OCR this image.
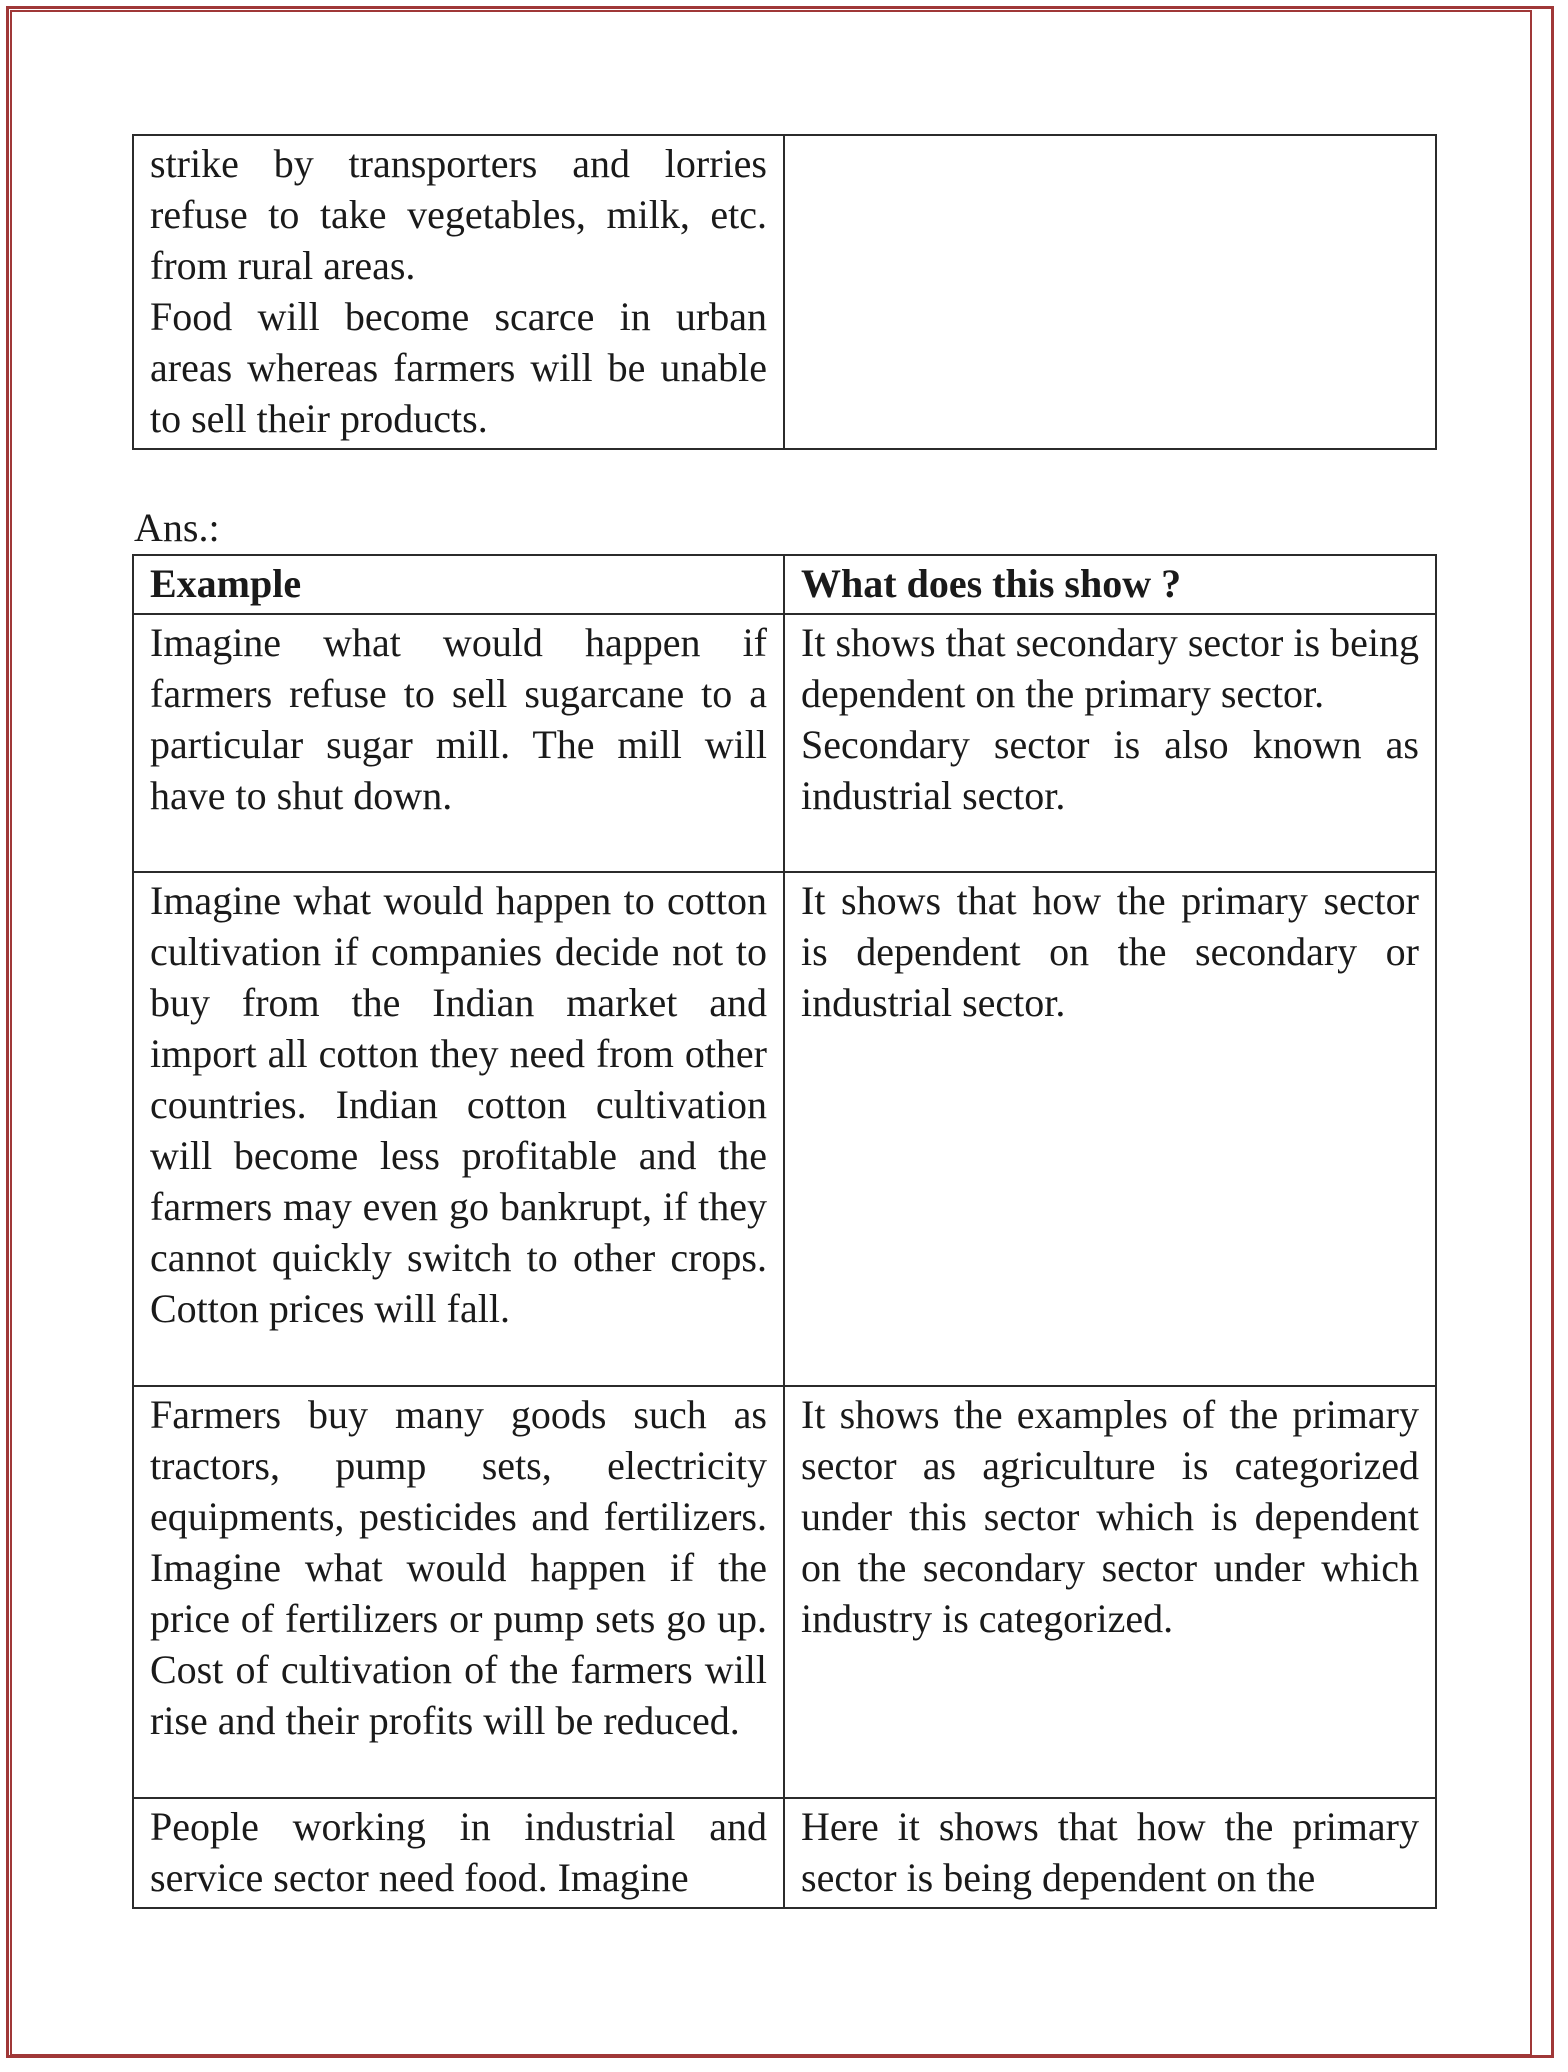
strike by transporters and lorries refuse to take vegetables, milk, etc. from rural areas.

Food will become scarce in urban areas whereas farmers will be unable to sell their products.

Ans.:
Example	What does this show ?

Imagine what would happen if farmers refuse to sell sugarcane to a particular sugar mill. The mill will have to shut down.	It shows that secondary sector is being dependent on the primary sector.

Secondary sector is also known as industrial sector.

Imagine what would happen to cotton cultivation if companies decide not to buy from the Indian market and import all cotton they need from other countries. Indian cotton cultivation will become less profitable and the farmers may even go bankrupt, if they cannot quickly switch to other crops. Cotton prices will fall.	It shows that how the primary sector is dependent on the secondary or industrial sector.

Farmers buy many goods such as tractors, pump sets, electricity equipments, pesticides and fertilizers. Imagine what would happen if the price of fertilizers or pump sets go up. Cost of cultivation of the farmers will rise and their profits will be reduced.	It shows the examples of the primary sector as agriculture is categorized under this sector which is dependent on the secondary sector under which industry is categorized.

People working in industrial and service sector need food. Imagine	Here it shows that how the primary sector is being dependent on the
